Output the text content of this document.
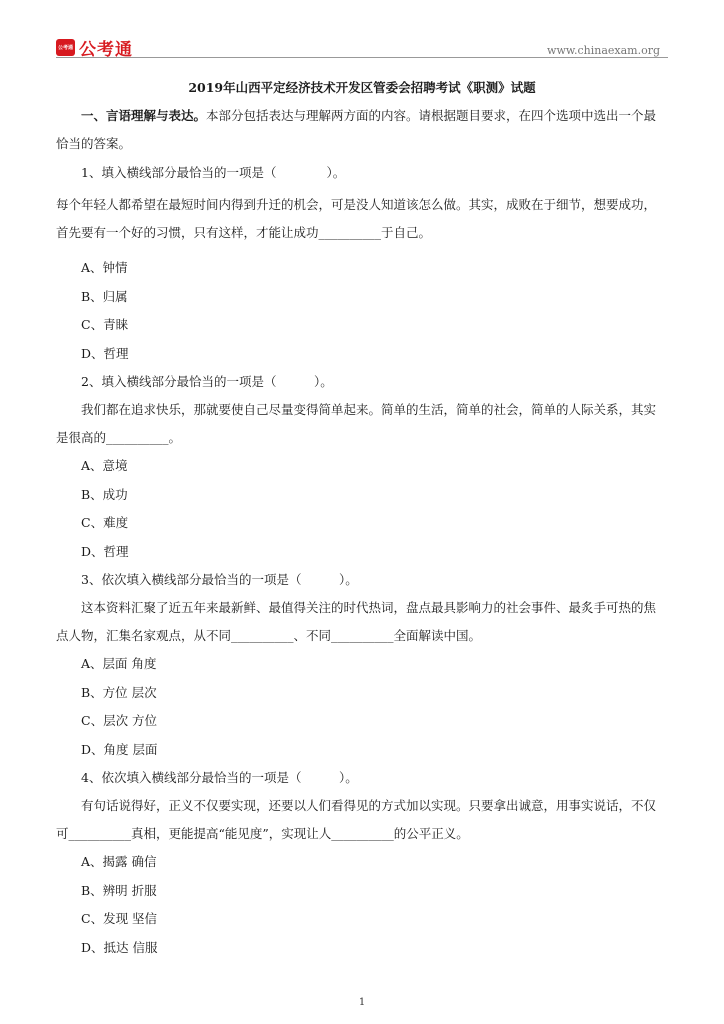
公考通 公考通	www.chinaexam.org
2019年山西平定经济技术开发区管委会招聘考试《职测》试题

一、言语理解与表达。本部分包括表达与理解两方面的内容。请根据题目要求，在四个选项中选出一个最恰当的答案。

1、填入横线部分最恰当的一项是（　　　　）。

每个年轻人都希望在最短时间内得到升迁的机会，可是没人知道该怎么做。其实，成败在于细节，想要成功，首先要有一个好的习惯，只有这样，才能让成功__________于自己。

A、钟情

B、归属

C、青睐

D、哲理

2、填入横线部分最恰当的一项是（　　　）。

我们都在追求快乐，那就要使自己尽量变得简单起来。简单的生活，简单的社会，简单的人际关系，其实是很高的__________。

A、意境

B、成功

C、难度

D、哲理

3、依次填入横线部分最恰当的一项是（　　　）。

这本资料汇聚了近五年来最新鲜、最值得关注的时代热词，盘点最具影响力的社会事件、最炙手可热的焦点人物，汇集名家观点，从不同__________、不同__________全面解读中国。

A、层面 角度

B、方位 层次

C、层次 方位

D、角度 层面

4、依次填入横线部分最恰当的一项是（　　　）。

有句话说得好，正义不仅要实现，还要以人们看得见的方式加以实现。只要拿出诚意，用事实说话，不仅可__________真相，更能提高“能见度”，实现让人__________的公平正义。

A、揭露 确信

B、辨明 折服

C、发现 坚信

D、抵达 信服

1
